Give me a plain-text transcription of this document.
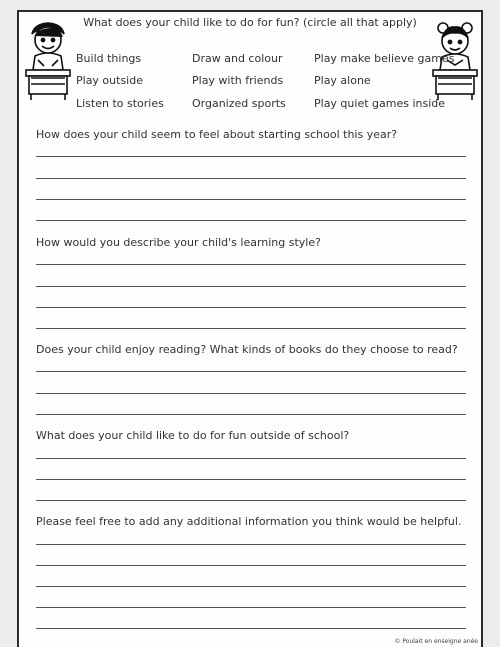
What does your child like to do for fun? (circle all that apply)
Build things	Draw and colour	Play make believe games
Play outside	Play with friends	Play alone
Listen to stories	Organized sports	Play quiet games inside
How does your child seem to feel about starting school this year?
How would you describe your child's learning style?
Does your child enjoy reading? What kinds of books do they choose to read?
What does your child like to do for fun outside of school?
Please feel free to add any additional information you think would be helpful.
© Poulait en enseigne anée
